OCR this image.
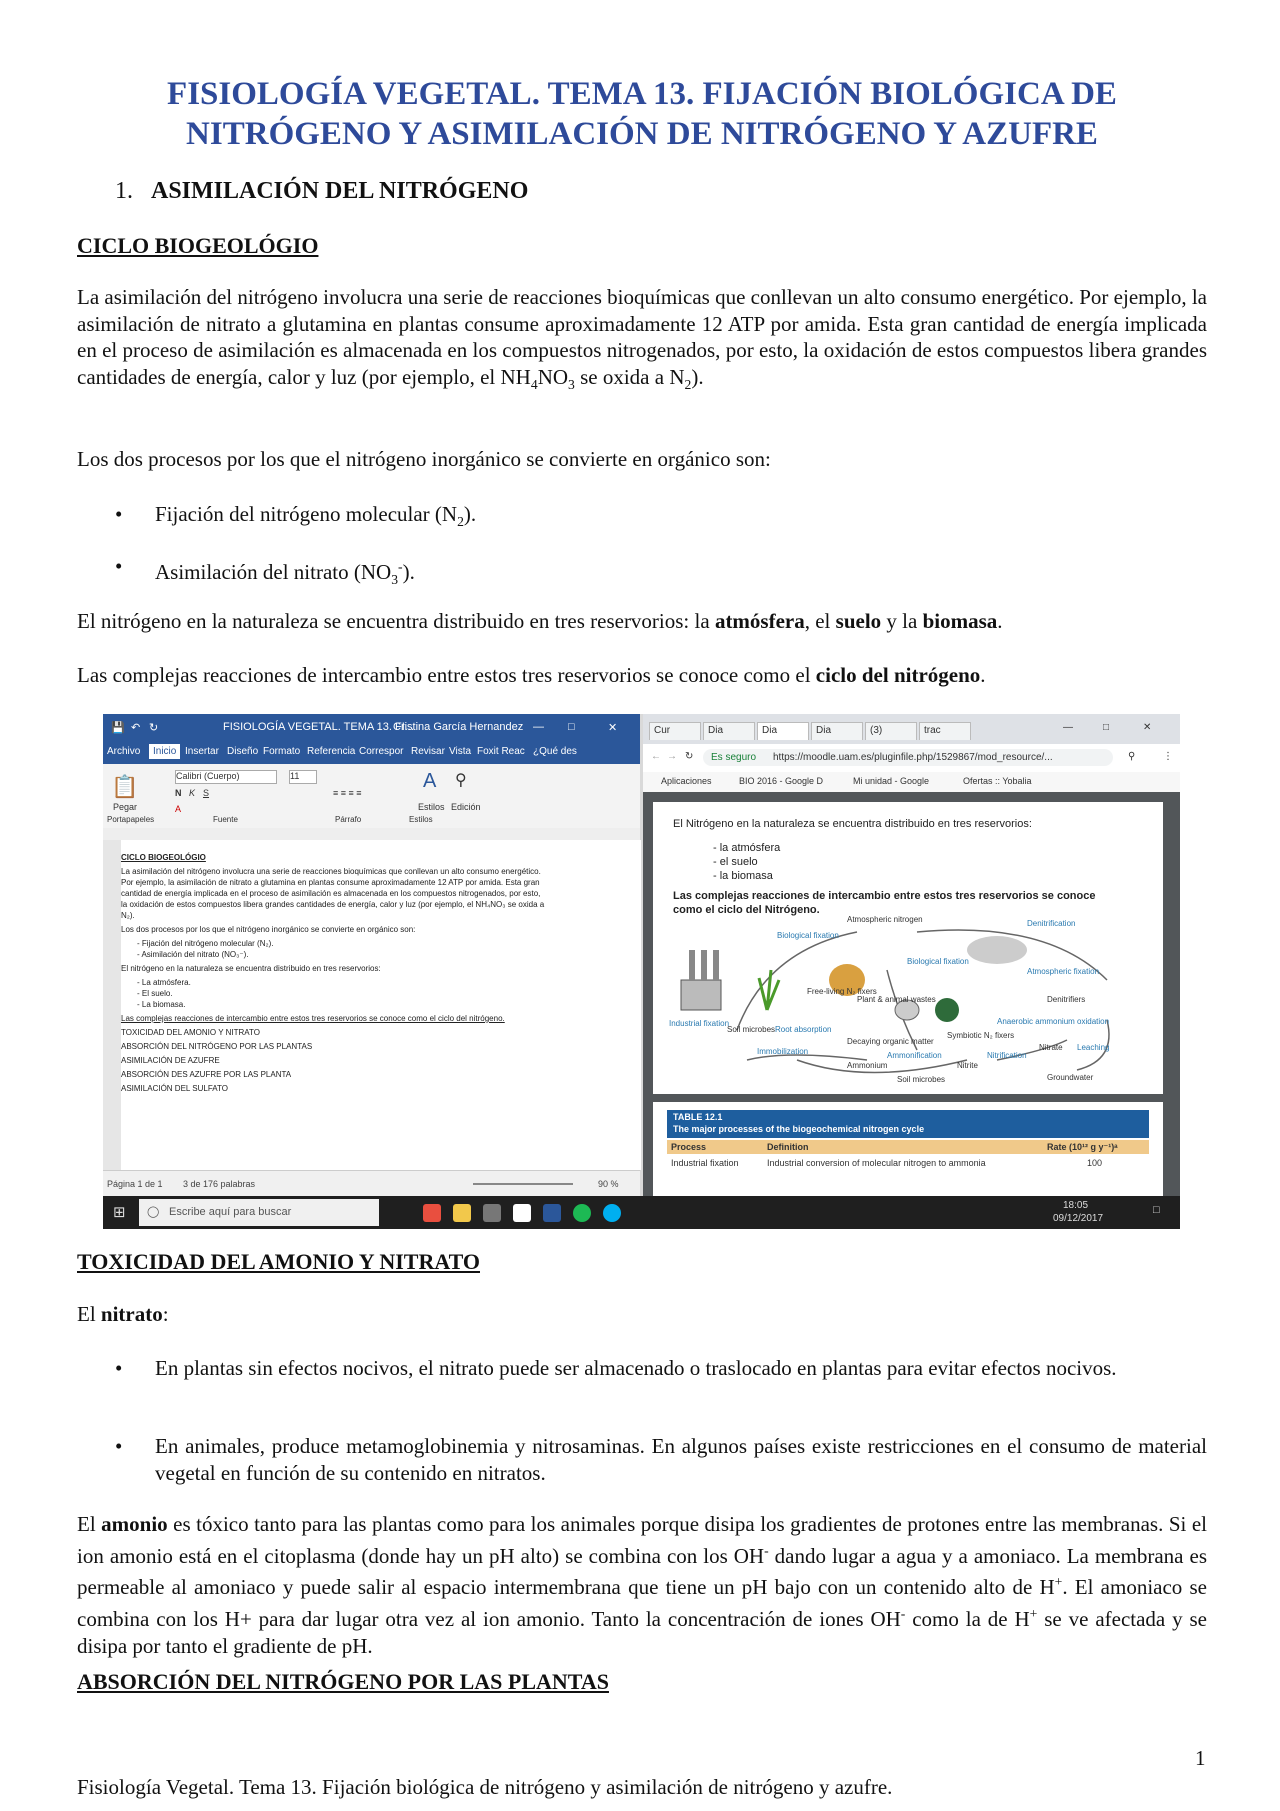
FISIOLOGÍA VEGETAL. TEMA 13. FIJACIÓN BIOLÓGICA DE
NITRÓGENO Y ASIMILACIÓN DE NITRÓGENO Y AZUFRE
1. ASIMILACIÓN DEL NITRÓGENO
CICLO BIOGEOLÓGIO
La asimilación del nitrógeno involucra una serie de reacciones bioquímicas que conllevan un alto consumo energético. Por ejemplo, la asimilación de nitrato a glutamina en plantas consume aproximadamente 12 ATP por amida. Esta gran cantidad de energía implicada en el proceso de asimilación es almacenada en los compuestos nitrogenados, por esto, la oxidación de estos compuestos libera grandes cantidades de energía, calor y luz (por ejemplo, el $NH_4NO_3$ se oxida a $N_2$).
Los dos procesos por los que el nitrógeno inorgánico se convierte en orgánico son:
• Fijación del nitrógeno molecular $(N_2)$.
• Asimilación del nitrato $(NO_3^-)$.
El nitrógeno en la naturaleza se encuentra distribuido en tres reservorios: la atmósfera, el suelo y la biomasa.
Las complejas reacciones de intercambio entre estos tres reservorios se conoce como el ciclo del nitrógeno.
💾 ↶ ↻	FISIOLOGÍA VEGETAL. TEMA 13. FI...
Cristina García Hernandez — □	✕
Archivo	Inicio Insertar Diseño Formato Referencia Correspor Revisar Vista Foxit Reac ¿Qué des
📋
Pegar
Calibri (Cuerpo)	11
N K S
A
≡ ≡ ≡ ≡
A
Estilos
⚲
Edición
Portapapeles	Fuente	Párrafo	Estilos
CICLO BIOGEOLÓGIO
La asimilación del nitrógeno involucra una serie de reacciones bioquímicas que conllevan un alto consumo energético.
Por ejemplo, la asimilación de nitrato a glutamina en plantas consume aproximadamente 12 ATP por amida. Esta gran
cantidad de energía implicada en el proceso de asimilación es almacenada en los compuestos nitrogenados, por esto,
la oxidación de estos compuestos libera grandes cantidades de energía, calor y luz (por ejemplo, el NH₄NO₃ se oxida a
N₂).
Los dos procesos por los que el nitrógeno inorgánico se convierte en orgánico son:
- Fijación del nitrógeno molecular (N₂).
- Asimilación del nitrato (NO₃⁻).
El nitrógeno en la naturaleza se encuentra distribuido en tres reservorios:
- La atmósfera.
- El suelo.
- La biomasa.
Las complejas reacciones de intercambio entre estos tres reservorios se conoce como el ciclo del nitrógeno.
TOXICIDAD DEL AMONIO Y NITRATO
ABSORCIÓN DEL NITRÓGENO POR LAS PLANTAS
ASIMILACIÓN DE AZUFRE
ABSORCIÓN DES AZUFRE POR LAS PLANTA
ASIMILACIÓN DEL SULFATO
Página 1 de 1 3 de 176 palabras	90 %
Cur	Dia	Dia	Dia	(3)	trac	—	□	✕
← → ↻ Es seguro https://moodle.uam.es/pluginfile.php/1529867/mod_resource/...	⚲	⋮
Aplicaciones	BIO 2016 - Google D	Mi unidad - Google	Ofertas :: Yobalia
El Nitrógeno en la naturaleza se encuentra distribuido en tres reservorios:
- la atmósfera
- el suelo
- la biomasa
Las complejas reacciones de intercambio entre estos tres reservorios se conoce
como el ciclo del Nitrógeno.
Atmospheric nitrogen	Denitrification
Biological fixation
Biological fixation
Atmospheric fixation
Industrial fixation
Free-living N₂ fixers
Plant & animal wastes	Denitrifiers
Soil microbes Root absorption
Symbiotic N₂ fixers
Anaerobic ammonium oxidation
Decaying organic matter
Immobilization	Ammonification	Nitrification
Nitrate Leaching
Ammonium	Nitrite
Soil microbes	Groundwater
TABLE 12.1
The major processes of the biogeochemical nitrogen cycle
Process	Definition	Rate (10¹² g y⁻¹)ᵃ
Industrial fixation	Industrial conversion of molecular nitrogen to ammonia	100
⊞ ◯ Escribe aquí para buscar
18:05
09/12/2017
□
TOXICIDAD DEL AMONIO Y NITRATO
El nitrato:
• En plantas sin efectos nocivos, el nitrato puede ser almacenado o traslocado en plantas para evitar efectos nocivos.
• En animales, produce metamoglobinemia y nitrosaminas. En algunos países existe restricciones en el consumo de material vegetal en función de su contenido en nitratos.
El amonio es tóxico tanto para las plantas como para los animales porque disipa los gradientes de protones entre las membranas. Si el ion amonio está en el citoplasma (donde hay un pH alto) se combina con los OH- dando lugar a agua y a amoniaco. La membrana es permeable al amoniaco y puede salir al espacio intermembrana que tiene un pH bajo con un contenido alto de H+. El amoniaco se combina con los H+ para dar lugar otra vez al ion amonio. Tanto la concentración de iones OH- como la de H+ se ve afectada y se disipa por tanto el gradiente de pH.
ABSORCIÓN DEL NITRÓGENO POR LAS PLANTAS
1
Fisiología Vegetal. Tema 13. Fijación biológica de nitrógeno y asimilación de nitrógeno y azufre.
